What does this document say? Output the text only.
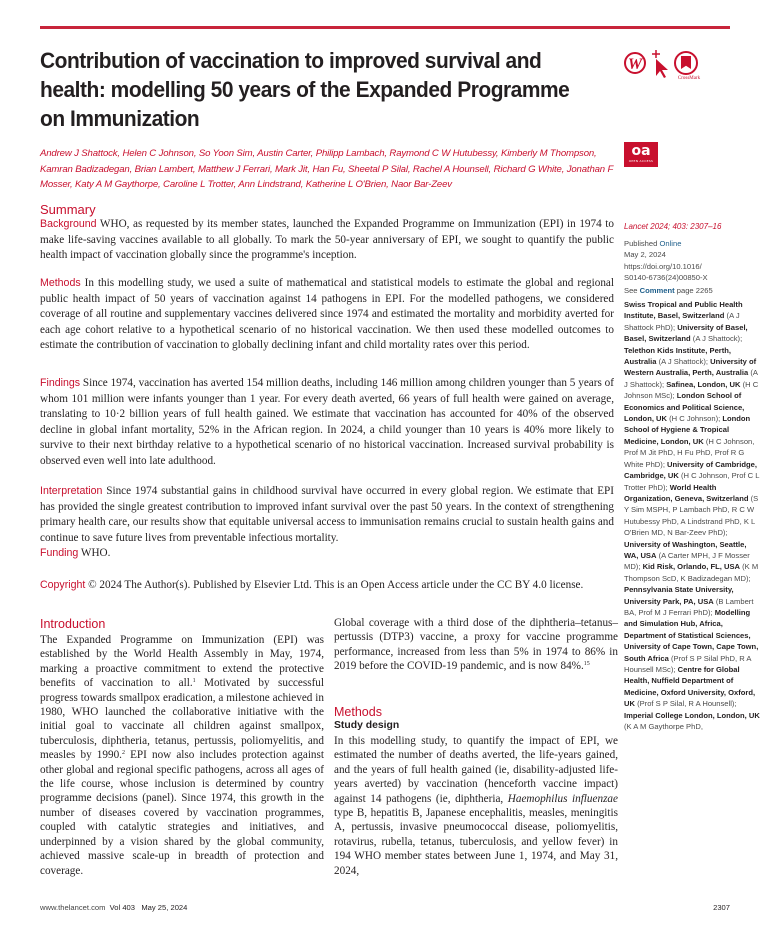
Contribution of vaccination to improved survival and health: modelling 50 years of the Expanded Programme on Immunization
W
CrossMark
oa
OPEN ACCESS
Andrew J Shattock, Helen C Johnson, So Yoon Sim, Austin Carter, Philipp Lambach, Raymond C W Hutubessy, Kimberly M Thompson, Kamran Badizadegan, Brian Lambert, Matthew J Ferrari, Mark Jit, Han Fu, Sheetal P Silal, Rachel A Hounsell, Richard G White, Jonathan F Mosser, Katy A M Gaythorpe, Caroline L Trotter, Ann Lindstrand, Katherine L O'Brien, Naor Bar-Zeev
Summary

Background WHO, as requested by its member states, launched the Expanded Programme on Immunization (EPI) in 1974 to make life-saving vaccines available to all globally. To mark the 50-year anniversary of EPI, we sought to quantify the public health impact of vaccination globally since the programme's inception.

Methods In this modelling study, we used a suite of mathematical and statistical models to estimate the global and regional public health impact of 50 years of vaccination against 14 pathogens in EPI. For the modelled pathogens, we considered coverage of all routine and supplementary vaccines delivered since 1974 and estimated the mortality and morbidity averted for each age cohort relative to a hypothetical scenario of no historical vaccination. We then used these modelled outcomes to estimate the contribution of vaccination to globally declining infant and child mortality rates over this period.

Findings Since 1974, vaccination has averted 154 million deaths, including 146 million among children younger than 5 years of whom 101 million were infants younger than 1 year. For every death averted, 66 years of full health were gained on average, translating to 10·2 billion years of full health gained. We estimate that vaccination has accounted for 40% of the observed decline in global infant mortality, 52% in the African region. In 2024, a child younger than 10 years is 40% more likely to survive to their next birthday relative to a hypothetical scenario of no historical vaccination. Increased survival probability is observed even well into late adulthood.

Interpretation Since 1974 substantial gains in childhood survival have occurred in every global region. We estimate that EPI has provided the single greatest contribution to improved infant survival over the past 50 years. In the context of strengthening primary health care, our results show that equitable universal access to immunisation remains crucial to sustain health gains and continue to save future lives from preventable infectious mortality.

Funding WHO.

Copyright © 2024 The Author(s). Published by Elsevier Ltd. This is an Open Access article under the CC BY 4.0 license.

Lancet 2024; 403: 2307–16
Published Online
May 2, 2024
https://doi.org/10.1016/
S0140-6736(24)00850-X
See Comment page 2265
Swiss Tropical and Public Health Institute, Basel, Switzerland (A J Shattock PhD); University of Basel, Basel, Switzerland (A J Shattock); Telethon Kids Institute, Perth, Australia (A J Shattock); University of Western Australia, Perth, Australia (A J Shattock); Safinea, London, UK (H C Johnson MSc); London School of Economics and Political Science, London, UK (H C Johnson); London School of Hygiene & Tropical Medicine, London, UK (H C Johnson, Prof M Jit PhD, H Fu PhD, Prof R G White PhD); University of Cambridge, Cambridge, UK (H C Johnson, Prof C L Trotter PhD); World Health Organization, Geneva, Switzerland (S Y Sim MSPH, P Lambach PhD, R C W Hutubessy PhD, A Lindstrand PhD, K L O'Brien MD, N Bar-Zeev PhD); University of Washington, Seattle, WA, USA (A Carter MPH, J F Mosser MD); Kid Risk, Orlando, FL, USA (K M Thompson ScD, K Badizadegan MD); Pennsylvania State University, University Park, PA, USA (B Lambert BA, Prof M J Ferrari PhD); Modelling and Simulation Hub, Africa, Department of Statistical Sciences, University of Cape Town, Cape Town, South Africa (Prof S P Silal PhD, R A Hounsell MSc); Centre for Global Health, Nuffield Department of Medicine, Oxford University, Oxford, UK (Prof S P Silal, R A Hounsell); Imperial College London, London, UK (K A M Gaythorpe PhD,
Introduction
The Expanded Programme on Immunization (EPI) was established by the World Health Assembly in May, 1974, marking a proactive commitment to extend the protective benefits of vaccination to all.$^1$ Motivated by successful progress towards smallpox eradication, a milestone achieved in 1980, WHO launched the collaborative initiative with the initial goal to vaccinate all children against smallpox, tuberculosis, diphtheria, tetanus, pertussis, poliomyelitis, and measles by 1990.$^2$ EPI now also includes protection against other global and regional specific pathogens, across all ages of the life course, whose inclusion is determined by country programme decisions (panel). Since 1974, this growth in the number of diseases covered by vaccination programmes, coupled with catalytic strategies and initiatives, and underpinned by a vision shared by the global community, achieved massive scale-up in breadth of protection and coverage.
Global coverage with a third dose of the diphtheria–tetanus–pertussis (DTP3) vaccine, a proxy for vaccine programme performance, increased from less than 5% in 1974 to 86% in 2019 before the COVID-19 pandemic, and is now 84%.$^{15}$
Methods
Study design
In this modelling study, to quantify the impact of EPI, we estimated the number of deaths averted, the life-years gained, and the years of full health gained (ie, disability-adjusted life-years averted) by vaccination (henceforth vaccine impact) against 14 pathogens (ie, diphtheria, Haemophilus influenzae type B, hepatitis B, Japanese encephalitis, measles, meningitis A, pertussis, invasive pneumococcal disease, poliomyelitis, rotavirus, rubella, tetanus, tuberculosis, and yellow fever) in 194 WHO member states between June 1, 1974, and May 31, 2024,
www.thelancet.com Vol 403 May 25, 2024	2307
